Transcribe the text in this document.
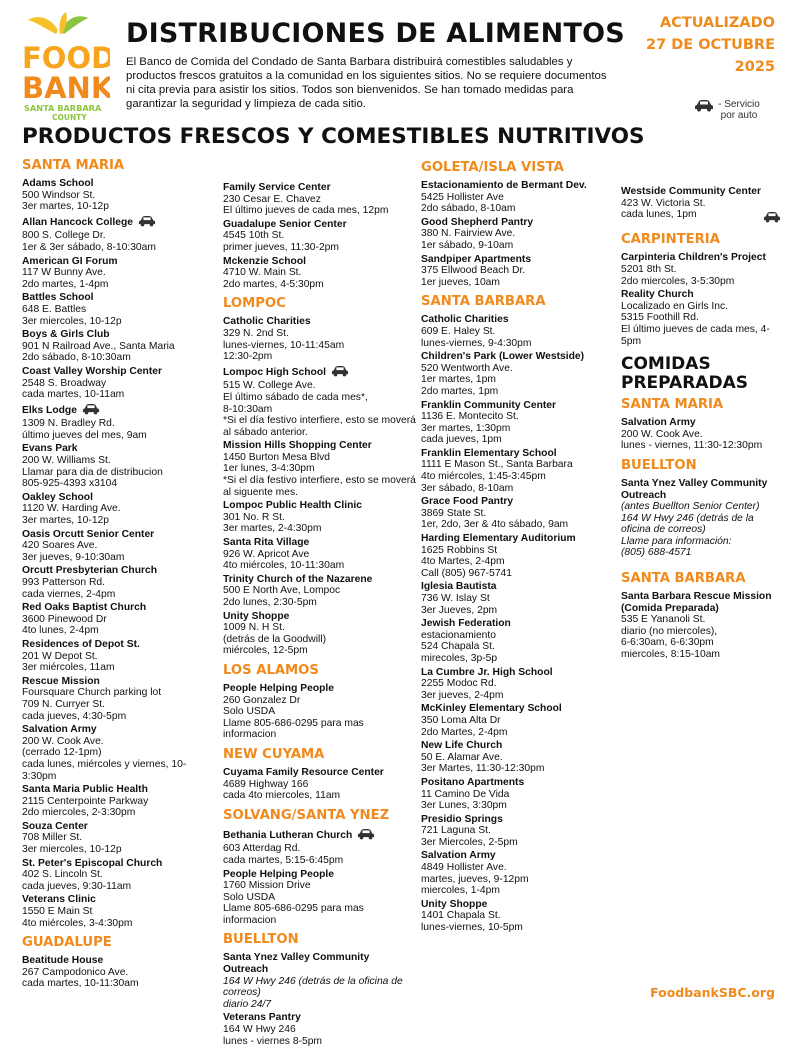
FOOD
BANK
SANTA BARBARA
COUNTY
DISTRIBUCIONES DE ALIMENTOS

El Banco de Comida del Condado de Santa Barbara distribuirá comestibles saludables y productos frescos gratuitos a la comunidad en los siguientes sitios. No se requiere documentos ni cita previa para asistir los sitios. Todos son bienvenidos. Se han tomado medidas para garantizar la seguridad y limpieza de cada sitio.

ACTUALIZADO
27 DE OCTUBRE
2025
- Servicio por auto
PRODUCTOS FRESCOS Y COMESTIBLES NUTRITIVOS
SANTA MARIA
Adams School
500 Windsor St.
3er martes, 10-12p
Allan Hancock College
800 S. College Dr.
1er & 3er sábado, 8-10:30am
American GI Forum
117 W Bunny Ave.
2do martes, 1-4pm
Battles School
648 E. Battles
3er miercoles, 10-12p
Boys & Girls Club
901 N Railroad Ave., Santa Maria
2do sábado, 8-10:30am
Coast Valley Worship Center
2548 S. Broadway
cada martes, 10-11am
Elks Lodge
1309 N. Bradley Rd.
último jueves del mes, 9am
Evans Park
200 W. Williams St.
Llamar para dia de distribucion
805-925-4393 x3104
Oakley School
1120 W. Harding Ave.
3er martes, 10-12p
Oasis Orcutt Senior Center
420 Soares Ave.
3er jueves, 9-10:30am
Orcutt Presbyterian Church
993 Patterson Rd.
cada viernes, 2-4pm
Red Oaks Baptist Church
3600 Pinewood Dr
4to lunes, 2-4pm
Residences of Depot St.
201 W Depot St.
3er miércoles, 11am
Rescue Mission
Foursquare Church parking lot
709 N. Curryer St.
cada jueves, 4:30-5pm
Salvation Army
200 W. Cook Ave.
(cerrado 12-1pm)
cada lunes, miércoles y viernes, 10-3:30pm
Santa Maria Public Health
2115 Centerpointe Parkway
2do miercoles, 2-3:30pm
Souza Center
708 Miller St.
3er miercoles, 10-12p
St. Peter's Episcopal Church
402 S. Lincoln St.
cada jueves, 9:30-11am
Veterans Clinic
1550 E Main St
4to miércoles, 3-4:30pm
GUADALUPE
Beatitude House
267 Campodonico Ave.
cada martes, 10-11:30am
Family Service Center
230 Cesar E. Chavez
El último jueves de cada mes, 12pm
Guadalupe Senior Center
4545 10th St.
primer jueves, 11:30-2pm
Mckenzie School
4710 W. Main St.
2do martes, 4-5:30pm
LOMPOC
Catholic Charities
329 N. 2nd St.
lunes-viernes, 10-11:45am
12:30-2pm
Lompoc High School
515 W. College Ave.
El último sábado de cada mes*,
8-10:30am
*Si el día festivo interfiere, esto se moverá al sábado anterior.
Mission Hills Shopping Center
1450 Burton Mesa Blvd
1er lunes, 3-4:30pm
*Si el día festivo interfiere, esto se moverá al siguente mes.
Lompoc Public Health Clinic
301 No. R St.
3er martes, 2-4:30pm
Santa Rita Village
926 W. Apricot Ave
4to miércoles, 10-11:30am
Trinity Church of the Nazarene
500 E North Ave, Lompoc
2do lunes, 2:30-5pm
Unity Shoppe
1009 N. H St.
(detrás de la Goodwill)
miércoles, 12-5pm
LOS ALAMOS
People Helping People
260 Gonzalez Dr
Solo USDA
Llame 805-686-0295 para mas informacion
NEW CUYAMA
Cuyama Family Resource Center
4689 Highway 166
cada 4to miercoles, 11am
SOLVANG/SANTA YNEZ
Bethania Lutheran Church
603 Atterdag Rd.
cada martes, 5:15-6:45pm
People Helping People
1760 Mission Drive
Solo USDA
Llame 805-686-0295 para mas informacion
BUELLTON
Santa Ynez Valley Community Outreach
164 W Hwy 246 (detrás de la oficina de correos)
diario 24/7
Veterans Pantry
164 W Hwy 246
lunes - viernes 8-5pm
GOLETA/ISLA VISTA
Estacionamiento de Bermant Dev.
5425 Hollister Ave
2do sábado, 8-10am
Good Shepherd Pantry
380 N. Fairview Ave.
1er sábado, 9-10am
Sandpiper Apartments
375 Ellwood Beach Dr.
1er jueves, 10am
SANTA BARBARA
Catholic Charities
609 E. Haley St.
lunes-viernes, 9-4:30pm
Children's Park (Lower Westside)
520 Wentworth Ave.
1er martes, 1pm
2do martes, 1pm
Franklin Community Center
1136 E. Montecito St.
3er martes, 1:30pm
cada jueves, 1pm
Franklin Elementary School
1111 E Mason St., Santa Barbara
4to miércoles, 1:45-3:45pm
3er sábado, 8-10am
Grace Food Pantry
3869 State St.
1er, 2do, 3er & 4to sábado, 9am
Harding Elementary Auditorium
1625 Robbins St
4to Martes, 2-4pm
Call (805) 967-5741
Iglesia Bautista
736 W. Islay St
3er Jueves, 2pm
Jewish Federation
estacionamiento
524 Chapala St.
mirecoles, 3p-5p
La Cumbre Jr. High School
2255 Modoc Rd.
3er jueves, 2-4pm
McKinley Elementary School
350 Loma Alta Dr
2do Martes, 2-4pm
New Life Church
50 E. Alamar Ave.
3er Martes, 11:30-12:30pm
Positano Apartments
11 Camino De Vida
3er Lunes, 3:30pm
Presidio Springs
721 Laguna St.
3er Miercoles, 2-5pm
Salvation Army
4849 Hollister Ave.
martes, jueves, 9-12pm
miercoles, 1-4pm
Unity Shoppe
1401 Chapala St.
lunes-viernes, 10-5pm
Westside Community Center
423 W. Victoria St.
cada lunes, 1pm
CARPINTERIA
Carpinteria Children's Project
5201 8th St.
2do miercoles, 3-5:30pm
Reality Church
Localizado en Girls Inc.
5315 Foothill Rd.
El último jueves de cada mes, 4-5pm
COMIDAS PREPARADAS
SANTA MARIA
Salvation Army
200 W. Cook Ave.
lunes - viernes, 11:30-12:30pm
BUELLTON
Santa Ynez Valley Community Outreach
(antes Buellton Senior Center)
164 W Hwy 246 (detrás de la oficina de correos)
Llame para información:
(805) 688-4571
SANTA BARBARA
Santa Barbara Rescue Mission (Comida Preparada)
535 E Yananoli St.
diario (no miercoles),
6-6:30am, 6-6:30pm
miercoles, 8:15-10am
FoodbankSBC.org
